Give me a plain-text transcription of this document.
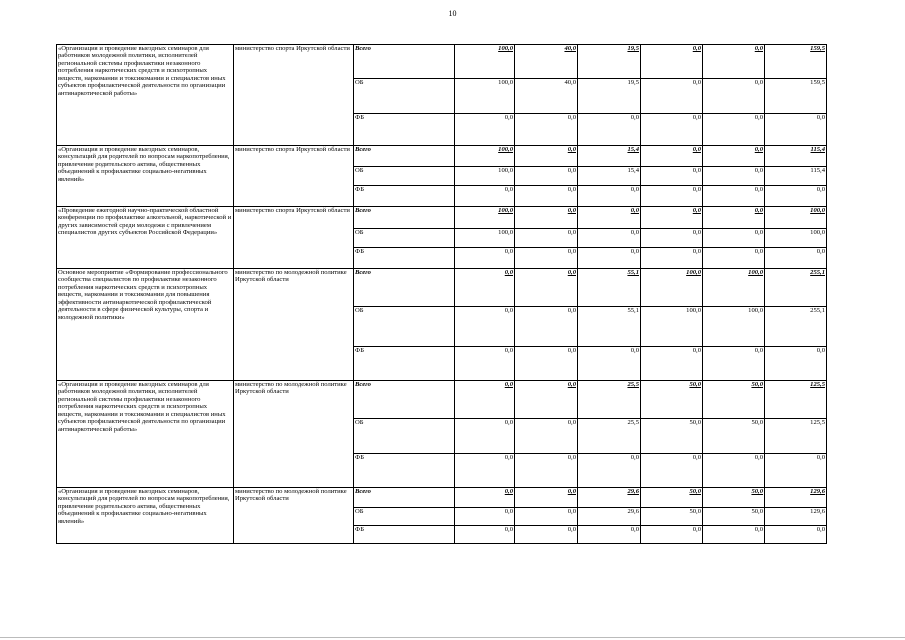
10
«Организация и проведение выездных семинаров для работников молодежной политики, исполнителей региональной системы профилактики незаконного потребления наркотических средств и психотропных веществ, наркомании и токсикомании и специалистов иных субъектов профилактической деятельности по организации антинаркотической работы»	министерство спорта Иркутской области	Всего	100,0	40,0	19,5	0,0	0,0	159,5
		ОБ	100,0	40,0	19,5	0,0	0,0	159,5
		ФБ	0,0	0,0	0,0	0,0	0,0	0,0
«Организация и проведение выездных семинаров, консультаций для родителей по вопросам наркопотребления, привлечение родительского актива, общественных объединений к профилактике социально-негативных явлений»	министерство спорта Иркутской области	Всего	100,0	0,0	15,4	0,0	0,0	115,4
		ОБ	100,0	0,0	15,4	0,0	0,0	115,4
		ФБ	0,0	0,0	0,0	0,0	0,0	0,0
«Проведение ежегодной научно-практической областной конференции по профилактике алкогольной, наркотической и других зависимостей среди молодежи с привлечением специалистов других субъектов Российской Федерации»	министерство спорта Иркутской области	Всего	100,0	0,0	0,0	0,0	0,0	100,0
		ОБ	100,0	0,0	0,0	0,0	0,0	100,0
		ФБ	0,0	0,0	0,0	0,0	0,0	0,0
Основное мероприятие «Формирование профессионального сообщества специалистов по профилактике незаконного потребления наркотических средств и психотропных веществ, наркомании и токсикомании для повышения эффективности антинаркотической профилактической деятельности в сфере физической культуры, спорта и молодежной политики»	министерство по молодежной политике Иркутской области	Всего	0,0	0,0	55,1	100,0	100,0	255,1
		ОБ	0,0	0,0	55,1	100,0	100,0	255,1
		ФБ	0,0	0,0	0,0	0,0	0,0	0,0
«Организация и проведение выездных семинаров для работников молодежной политики, исполнителей региональной системы профилактики незаконного потребления наркотических средств и психотропных веществ, наркомании и токсикомании и специалистов иных субъектов профилактической деятельности по организации антинаркотической работы»	министерство по молодежной политике Иркутской области	Всего	0,0	0,0	25,5	50,0	50,0	125,5
		ОБ	0,0	0,0	25,5	50,0	50,0	125,5
		ФБ	0,0	0,0	0,0	0,0	0,0	0,0
«Организация и проведение выездных семинаров, консультаций для родителей по вопросам наркопотребления, привлечение родительского актива, общественных объединений к профилактике социально-негативных явлений»	министерство по молодежной политике Иркутской области	Всего	0,0	0,0	29,6	50,0	50,0	129,6
		ОБ	0,0	0,0	29,6	50,0	50,0	129,6
		ФБ	0,0	0,0	0,0	0,0	0,0	0,0
